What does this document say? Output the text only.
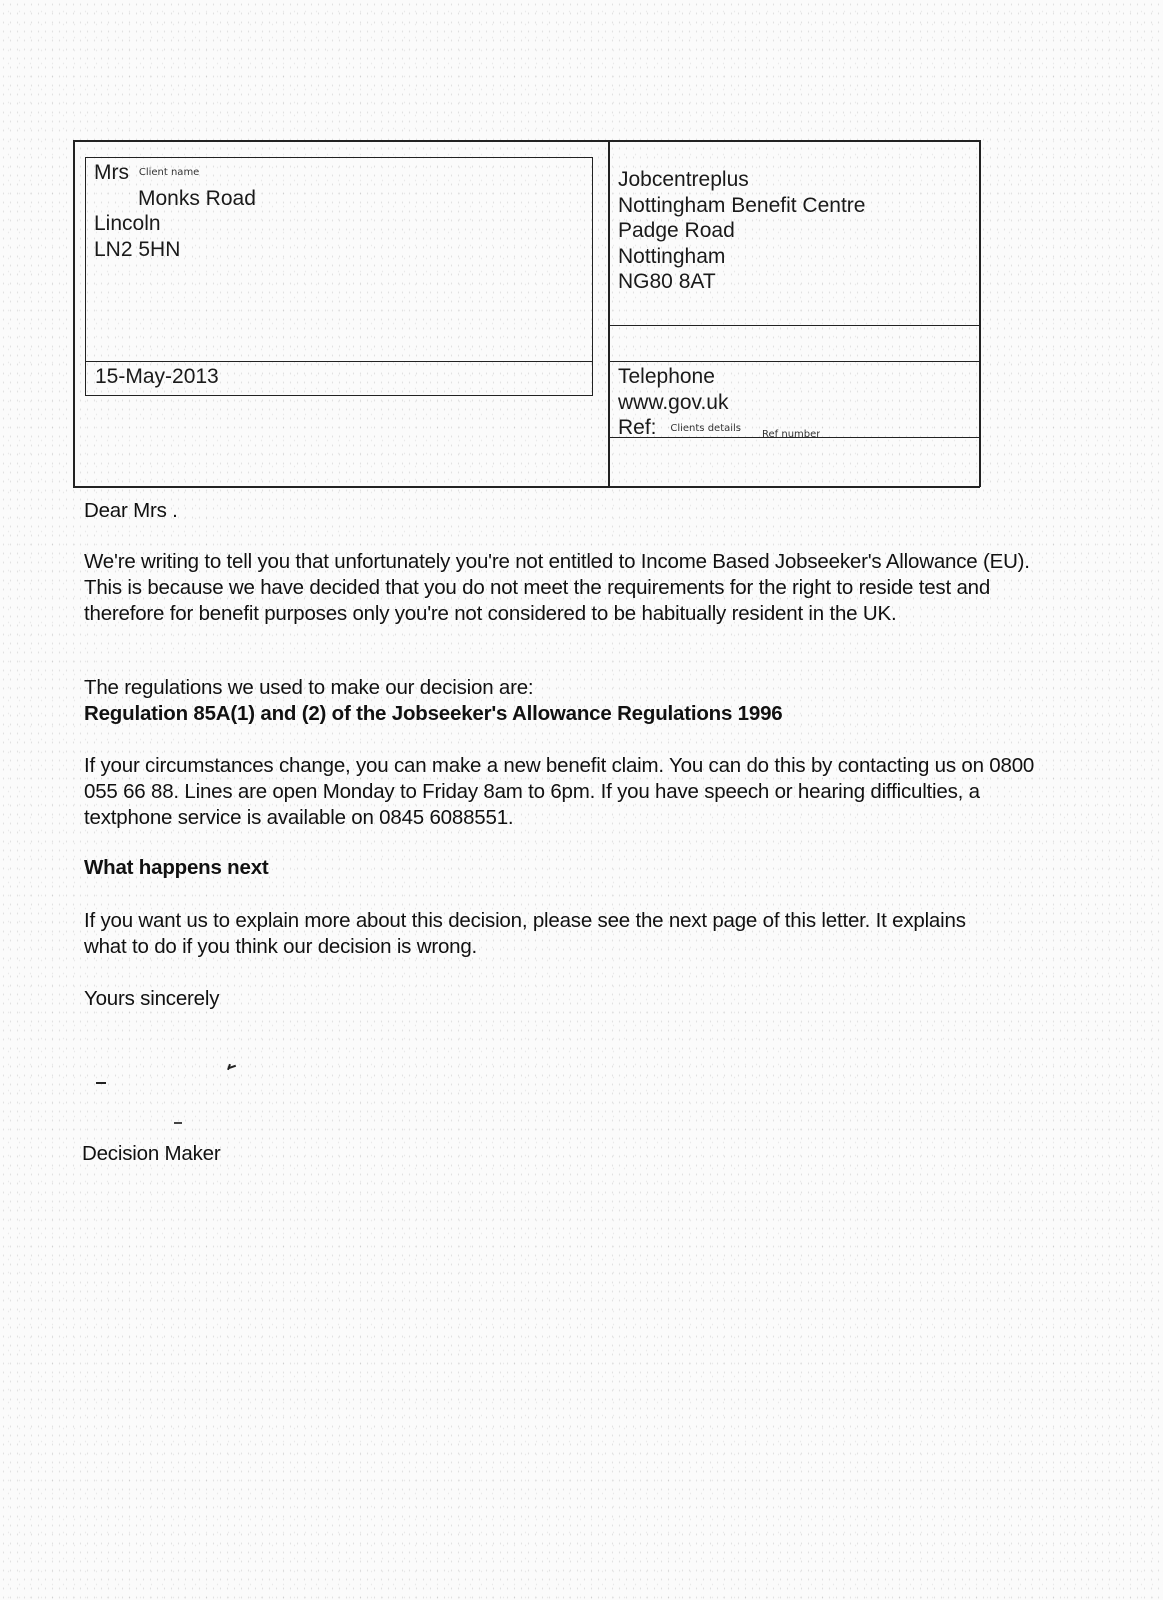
Mrs Client name
Monks Road
Lincoln
LN2 5HN
15-May-2013
Jobcentreplus
Nottingham Benefit Centre
Padge Road
Nottingham
NG80 8AT
Telephone
www.gov.uk
Ref: Clients details
Ref number
Dear Mrs .

We're writing to tell you that unfortunately you're not entitled to Income Based Jobseeker's Allowance (EU). This is because we have decided that you do not meet the requirements for the right to reside test and therefore for benefit purposes only you're not considered to be habitually resident in the UK.

The regulations we used to make our decision are:

Regulation 85A(1) and (2) of the Jobseeker's Allowance Regulations 1996

If your circumstances change, you can make a new benefit claim. You can do this by contacting us on 0800 055 66 88. Lines are open Monday to Friday 8am to 6pm. If you have speech or hearing difficulties, a textphone service is available on 0845 6088551.

What happens next

If you want us to explain more about this decision, please see the next page of this letter. It explains what to do if you think our decision is wrong.

Yours sincerely

Decision Maker
